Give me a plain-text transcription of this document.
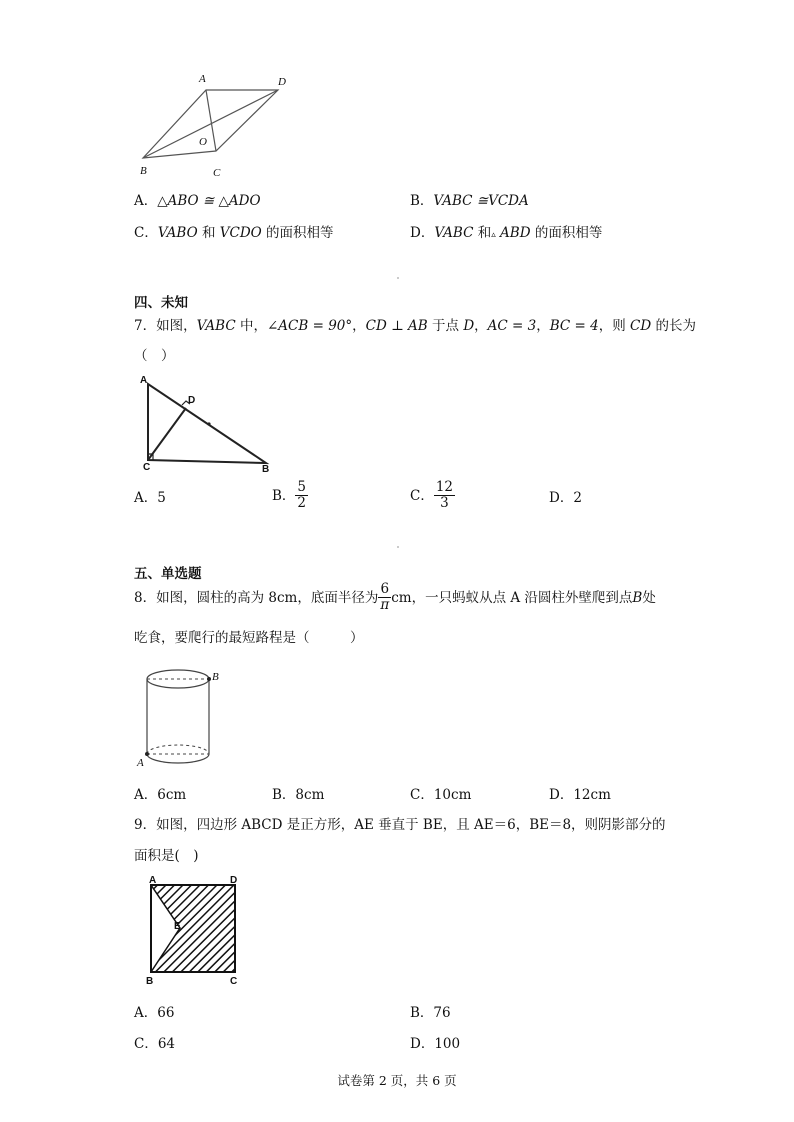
A	D
O
B	C
A．△ABO ≅ △ADO	B．VABC ≅VCDA
C．VABO 和 VCDO 的面积相等	D．VABC 和▵ ABD 的面积相等
四、未知
7．如图，VABC 中，∠ACB = 90°，CD ⊥ AB 于点 D，AC = 3，BC = 4，则 CD 的长为
（　）
A
D
C	B
A．5	B． $\frac{5}{2}$	C． $\frac{12}{3}$	D．2
五、单选题
8．如图，圆柱的高为 8cm，底面半径为 $\frac{6}{\pi}$ cm，一只蚂蚁从点 A 沿圆柱外壁爬到点 B 处
吃食，要爬行的最短路程是（　　　）
B
A
A．6cm	B．8cm	C．10cm	D．12cm
9．如图，四边形 ABCD 是正方形，AE 垂直于 BE，且 AE＝6，BE＝8，则阴影部分的
面积是(　)
A	D
E
B	C
A．66	B．76
C．64	D．100
试卷第 2 页，共 6 页
